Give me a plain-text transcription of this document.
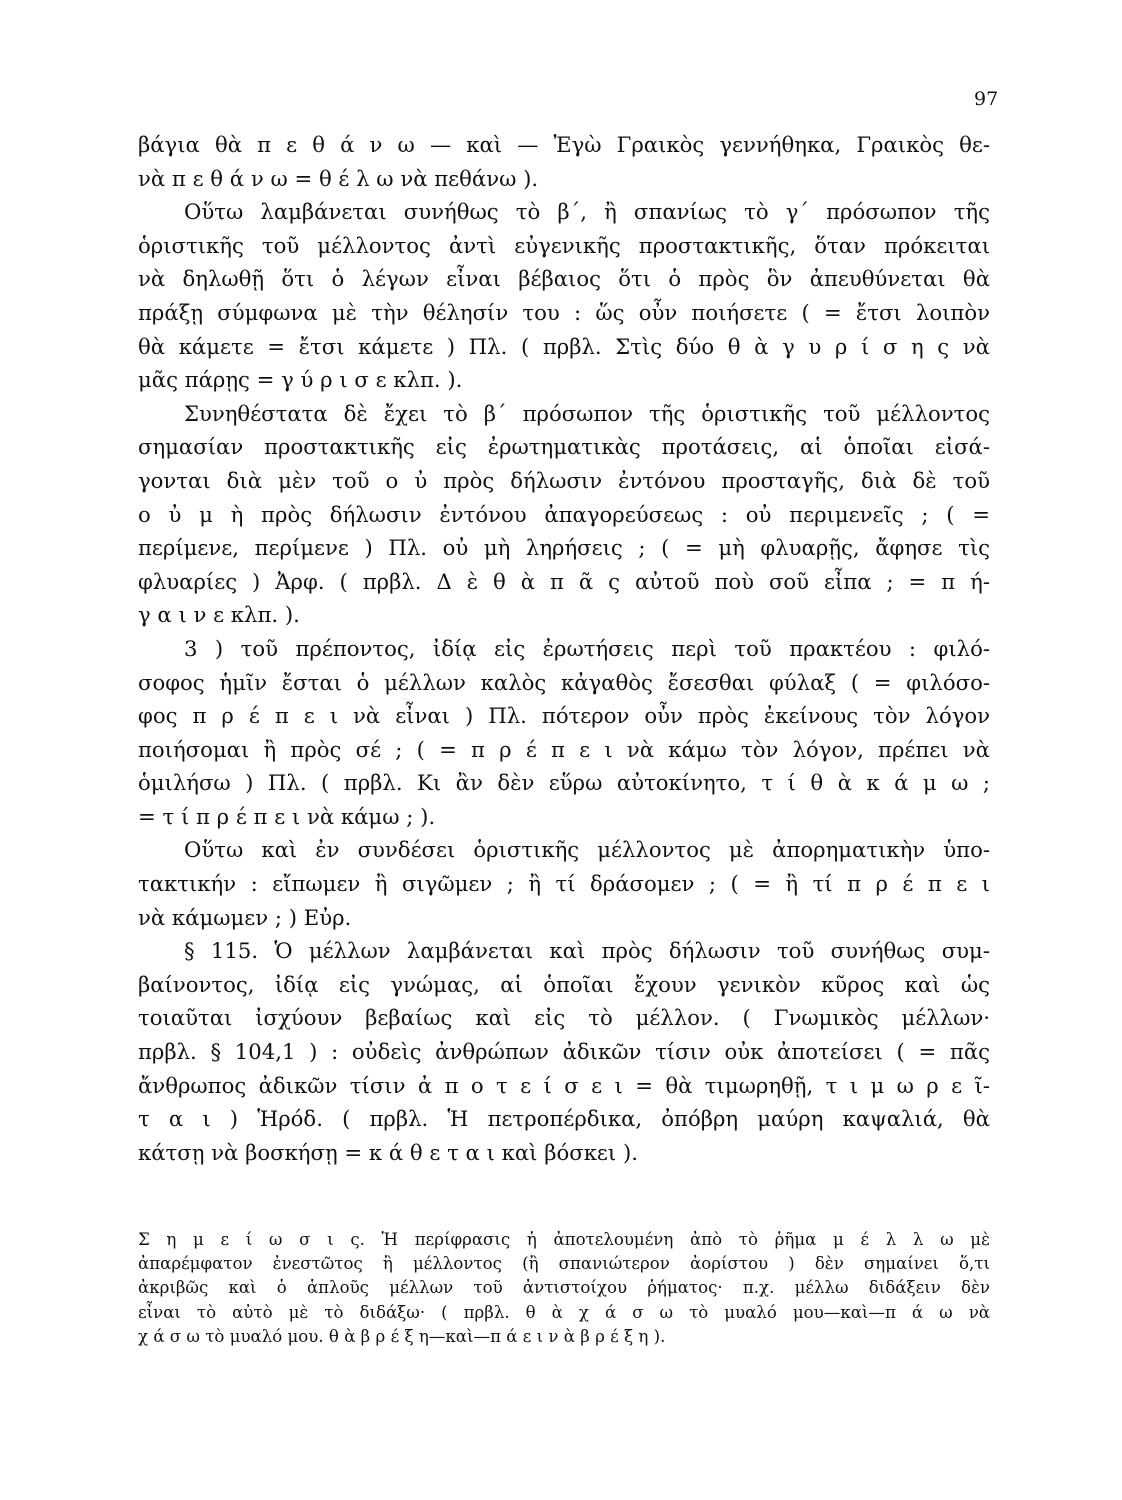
97
βάγια θὰ π ε θ ά ν ω — καὶ — Ἐγὼ Γραικὸς γεννήθηκα, Γραικὸς θε-
νὰ π ε θ ά ν ω = θ έ λ ω νὰ πεθάνω ).
Οὕτω λαμβάνεται συνήθως τὸ β΄, ἢ σπανίως τὸ γ΄ πρόσωπον τῆς
ὁριστικῆς τοῦ μέλλοντος ἀντὶ εὐγενικῆς προστακτικῆς, ὅταν πρόκειται
νὰ δηλωθῇ ὅτι ὁ λέγων εἶναι βέβαιος ὅτι ὁ πρὸς ὃν ἀπευθύνεται θὰ
πράξῃ σύμφωνα μὲ τὴν θέλησίν του : ὥς οὖν ποιήσετε ( = ἔτσι λοιπὸν
θὰ κάμετε = ἔτσι κάμετε ) Πλ. ( πρβλ. Στὶς δύο θ ὰ γ υ ρ ί σ η ς νὰ
μᾶς πάρῃς = γ ύ ρ ι σ ε κλπ. ).
Συνηθέστατα δὲ ἔχει τὸ β΄ πρόσωπον τῆς ὁριστικῆς τοῦ μέλλοντος
σημασίαν προστακτικῆς εἰς ἐρωτηματικὰς προτάσεις, αἱ ὁποῖαι εἰσά-
γονται διὰ μὲν τοῦ ο ὐ πρὸς δήλωσιν ἐντόνου προσταγῆς, διὰ δὲ τοῦ
ο ὐ μ ὴ πρὸς δήλωσιν ἐντόνου ἀπαγορεύσεως : οὐ περιμενεῖς ; ( =
περίμενε, περίμενε ) Πλ. οὐ μὴ ληρήσεις ; ( = μὴ φλυαρῇς, ἄφησε τὶς
φλυαρίες ) Ἀρφ. ( πρβλ. Δ ὲ θ ὰ π ᾶ ς αὐτοῦ ποὺ σοῦ εἶπα ; = π ή-
γ α ι ν ε κλπ. ).
3 ) τοῦ πρέποντος, ἰδίᾳ εἰς ἐρωτήσεις περὶ τοῦ πρακτέου : φιλό-
σοφος ἡμῖν ἔσται ὁ μέλλων καλὸς κἀγαθὸς ἔσεσθαι φύλαξ ( = φιλόσο-
φος π ρ έ π ε ι νὰ εἶναι ) Πλ. πότερον οὖν πρὸς ἐκείνους τὸν λόγον
ποιήσομαι ἢ πρὸς σέ ; ( = π ρ έ π ε ι νὰ κάμω τὸν λόγον, πρέπει νὰ
ὁμιλήσω ) Πλ. ( πρβλ. Κι ἂν δὲν εὕρω αὐτοκίνητο, τ ί θ ὰ κ ά μ ω ;
= τ ί π ρ έ π ε ι νὰ κάμω ; ).
Οὕτω καὶ ἐν συνδέσει ὁριστικῆς μέλλοντος μὲ ἀπορηματικὴν ὑπο-
τακτικήν : εἴπωμεν ἢ σιγῶμεν ; ἢ τί δράσομεν ; ( = ἢ τί π ρ έ π ε ι
νὰ κάμωμεν ; ) Εὐρ.
§ 115. Ὁ μέλλων λαμβάνεται καὶ πρὸς δήλωσιν τοῦ συνήθως συμ-
βαίνοντος, ἰδίᾳ εἰς γνώμας, αἱ ὁποῖαι ἔχουν γενικὸν κῦρος καὶ ὡς
τοιαῦται ἰσχύουν βεβαίως καὶ εἰς τὸ μέλλον. ( Γνωμικὸς μέλλων·
πρβλ. § 104,1 ) : οὐδεὶς ἀνθρώπων ἀδικῶν τίσιν οὐκ ἀποτείσει ( = πᾶς
ἄνθρωπος ἀδικῶν τίσιν ἀ π ο τ ε ί σ ε ι = θὰ τιμωρηθῇ, τ ι μ ω ρ ε ῖ-
τ α ι ) Ἡρόδ. ( πρβλ. Ἡ πετροπέρδικα, ὀπόβρη μαύρη καψαλιά, θὰ
κάτσῃ νὰ βοσκήσῃ = κ ά θ ε τ α ι καὶ βόσκει ).
Σ η μ ε ί ω σ ι ς. Ἡ περίφρασις ἡ ἀποτελουμένη ἀπὸ τὸ ῥῆμα μ έ λ λ ω μὲ
ἀπαρέμφατον ἐνεστῶτος ἢ μέλλοντος (ἢ σπανιώτερον ἀορίστου ) δὲν σημαίνει ὅ,τι
ἀκριβῶς καὶ ὁ ἁπλοῦς μέλλων τοῦ ἀντιστοίχου ῥήματος· π.χ. μέλλω διδάξειν δὲν
εἶναι τὸ αὐτὸ μὲ τὸ διδάξω· ( πρβλ. θ ὰ χ ά σ ω τὸ μυαλό μου—καὶ—π ά ω νὰ
χ ά σ ω τὸ μυαλό μου. θ ὰ β ρ έ ξ η—καὶ—π ά ε ι ν ὰ β ρ έ ξ η ).
